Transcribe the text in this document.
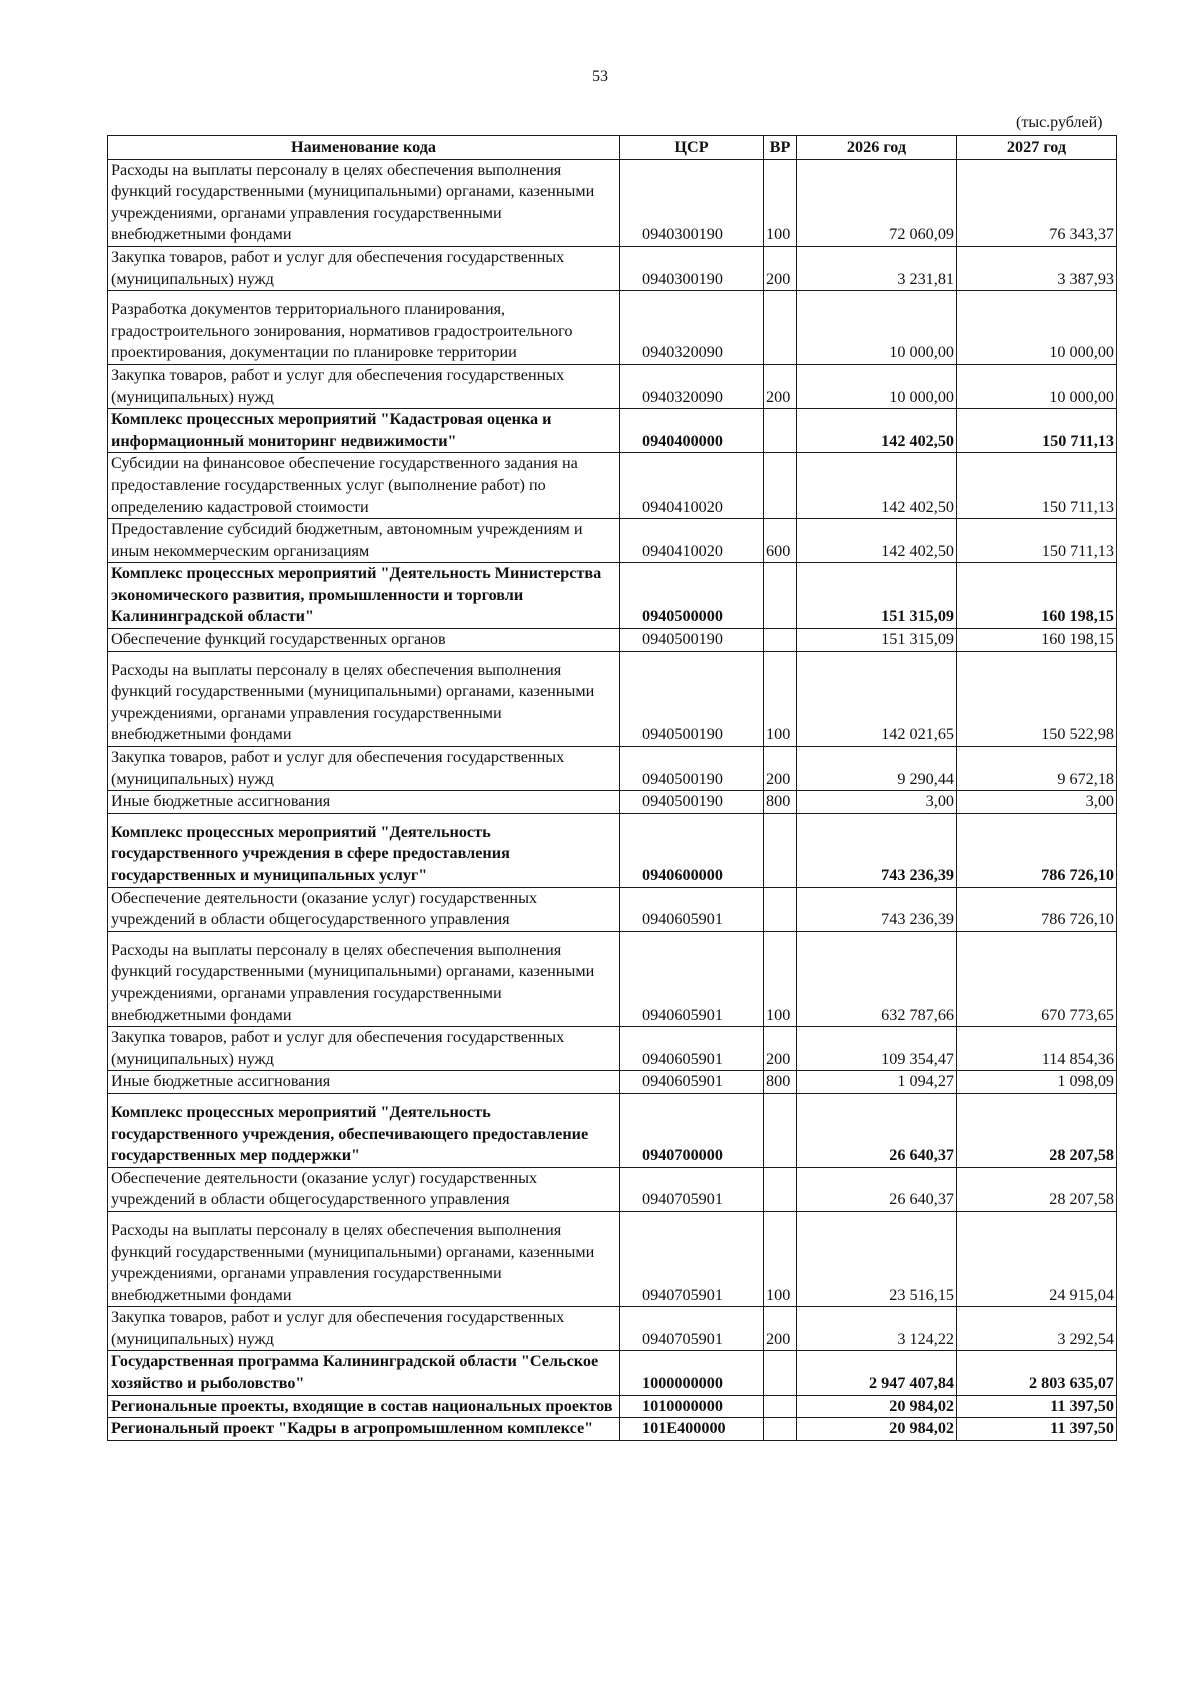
53
(тыс.рублей)
Наименование кода	ЦСР	ВР	2026 год	2027 год
Расходы на выплаты персоналу в целях обеспечения выполнения функций государственными (муниципальными) органами, казенными учреждениями, органами управления государственными внебюджетными фондами	0940300190	100	72 060,09	76 343,37
Закупка товаров, работ и услуг для обеспечения государственных (муниципальных) нужд	0940300190	200	3 231,81	3 387,93
Разработка документов территориального планирования, градостроительного зонирования, нормативов градостроительного проектирования, документации по планировке территории	0940320090		10 000,00	10 000,00
Закупка товаров, работ и услуг для обеспечения государственных (муниципальных) нужд	0940320090	200	10 000,00	10 000,00
Комплекс процессных мероприятий "Кадастровая оценка и информационный мониторинг недвижимости"	0940400000		142 402,50	150 711,13
Субсидии на финансовое обеспечение государственного задания на предоставление государственных услуг (выполнение работ) по определению кадастровой стоимости	0940410020		142 402,50	150 711,13
Предоставление субсидий бюджетным, автономным учреждениям и иным некоммерческим организациям	0940410020	600	142 402,50	150 711,13
Комплекс процессных мероприятий "Деятельность Министерства экономического развития, промышленности и торговли Калининградской области"	0940500000		151 315,09	160 198,15
Обеспечение функций государственных органов	0940500190		151 315,09	160 198,15
Расходы на выплаты персоналу в целях обеспечения выполнения функций государственными (муниципальными) органами, казенными учреждениями, органами управления государственными внебюджетными фондами	0940500190	100	142 021,65	150 522,98
Закупка товаров, работ и услуг для обеспечения государственных (муниципальных) нужд	0940500190	200	9 290,44	9 672,18
Иные бюджетные ассигнования	0940500190	800	3,00	3,00
Комплекс процессных мероприятий "Деятельность государственного учреждения в сфере предоставления государственных и муниципальных услуг"	0940600000		743 236,39	786 726,10
Обеспечение деятельности (оказание услуг) государственных учреждений в области общегосударственного управления	0940605901		743 236,39	786 726,10
Расходы на выплаты персоналу в целях обеспечения выполнения функций государственными (муниципальными) органами, казенными учреждениями, органами управления государственными внебюджетными фондами	0940605901	100	632 787,66	670 773,65
Закупка товаров, работ и услуг для обеспечения государственных (муниципальных) нужд	0940605901	200	109 354,47	114 854,36
Иные бюджетные ассигнования	0940605901	800	1 094,27	1 098,09
Комплекс процессных мероприятий "Деятельность государственного учреждения, обеспечивающего предоставление государственных мер поддержки"	0940700000		26 640,37	28 207,58
Обеспечение деятельности (оказание услуг) государственных учреждений в области общегосударственного управления	0940705901		26 640,37	28 207,58
Расходы на выплаты персоналу в целях обеспечения выполнения функций государственными (муниципальными) органами, казенными учреждениями, органами управления государственными внебюджетными фондами	0940705901	100	23 516,15	24 915,04
Закупка товаров, работ и услуг для обеспечения государственных (муниципальных) нужд	0940705901	200	3 124,22	3 292,54
Государственная программа Калининградской области "Сельское хозяйство и рыболовство"	1000000000		2 947 407,84	2 803 635,07
Региональные проекты, входящие в состав национальных проектов	1010000000		20 984,02	11 397,50
Региональный проект "Кадры в агропромышленном комплексе"	101E400000		20 984,02	11 397,50
